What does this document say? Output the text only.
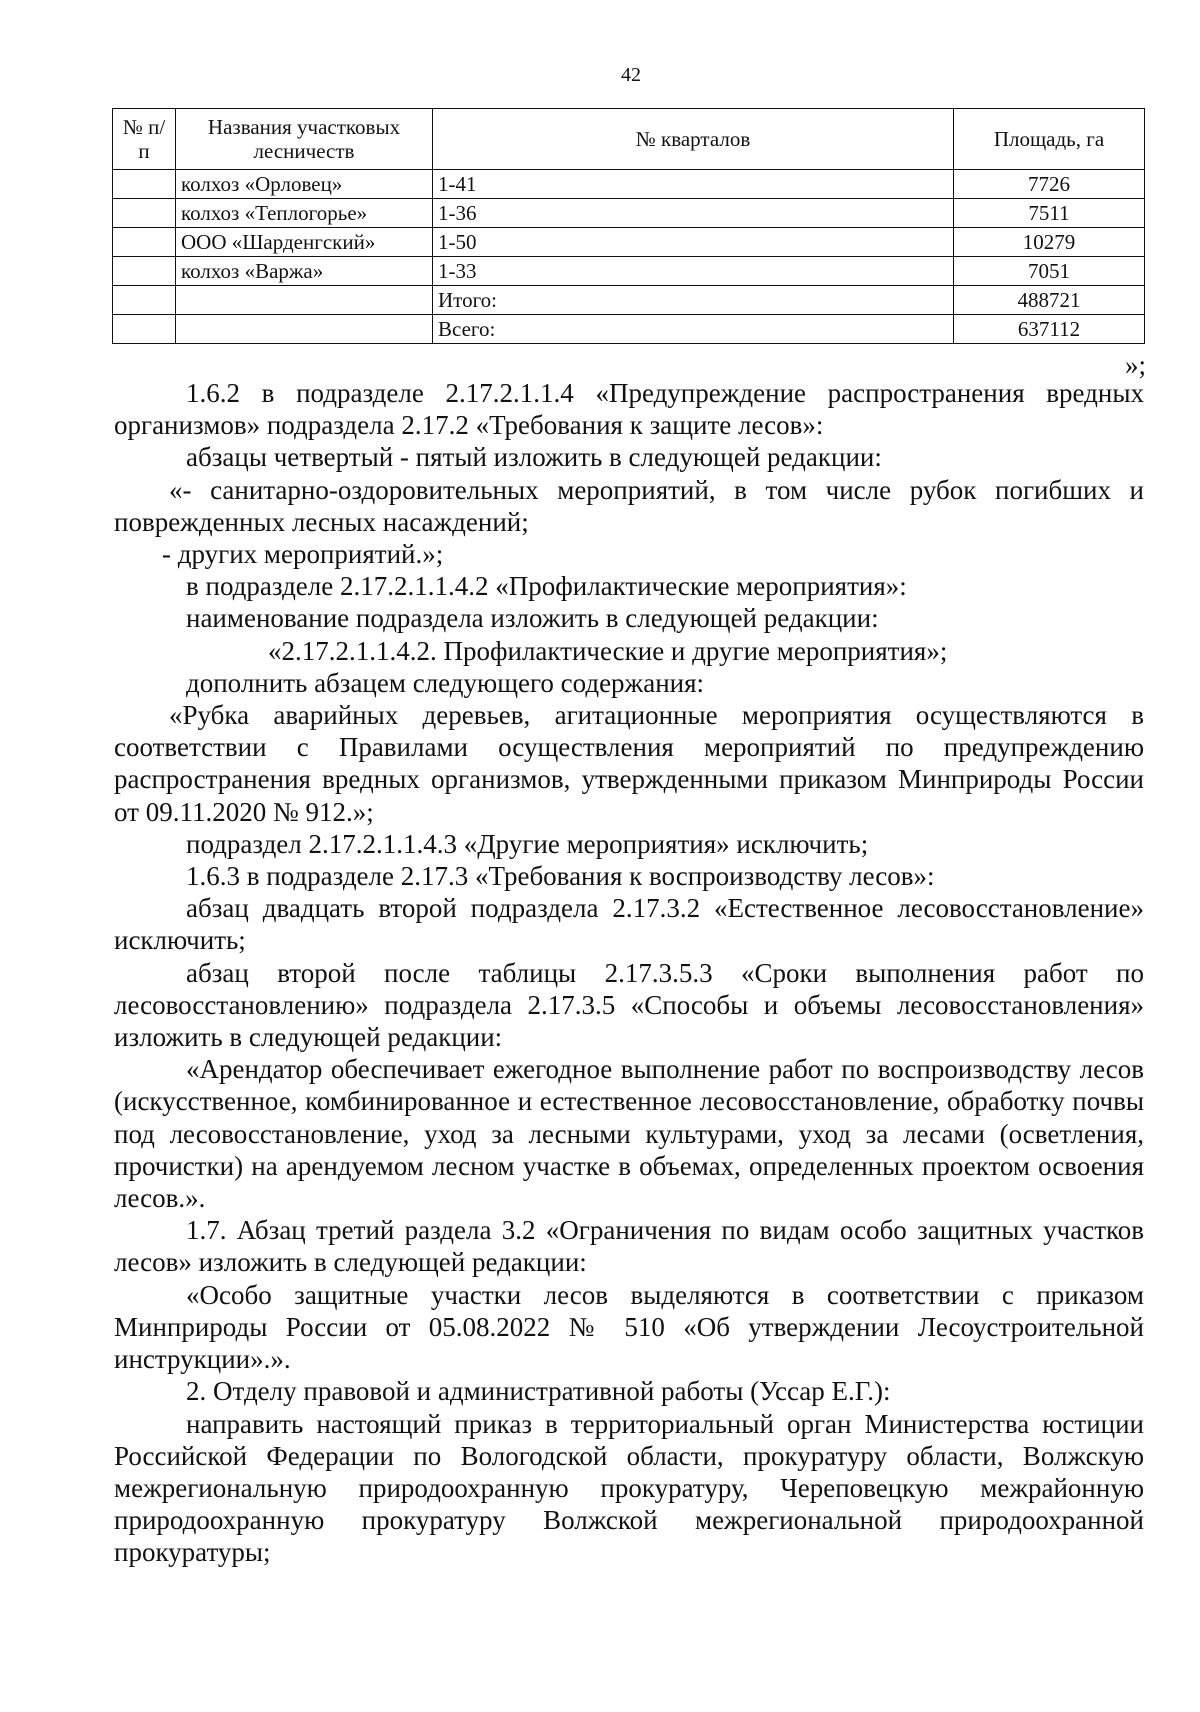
42
№ п/п	Названия участковых лесничеств	№ кварталов	Площадь, га
	колхоз «Орловец»	1-41	7726
	колхоз «Теплогорье»	1-36	7511
	ООО «Шарденгский»	1-50	10279
	колхоз «Варжа»	1-33	7051
		Итого:	488721
		Всего:	637112
»;

1.6.2 в подразделе 2.17.2.1.1.4 «Предупреждение распространения вредных организмов» подраздела 2.17.2 «Требования к защите лесов»:

абзацы четвертый - пятый изложить в следующей редакции:

«- санитарно-оздоровительных мероприятий, в том числе рубок погибших и поврежденных лесных насаждений;

- других мероприятий.»;

в подразделе 2.17.2.1.1.4.2 «Профилактические мероприятия»:

наименование подраздела изложить в следующей редакции:

«2.17.2.1.1.4.2. Профилактические и другие мероприятия»;

дополнить абзацем следующего содержания:

«Рубка аварийных деревьев, агитационные мероприятия осуществляются в соответствии с Правилами осуществления мероприятий по предупреждению распространения вредных организмов, утвержденными приказом Минприроды России от 09.11.2020 № 912.»;

подраздел 2.17.2.1.1.4.3 «Другие мероприятия» исключить;

1.6.3 в подразделе 2.17.3 «Требования к воспроизводству лесов»:

абзац двадцать второй подраздела 2.17.3.2 «Естественное лесовосстановление» исключить;

абзац второй после таблицы 2.17.3.5.3 «Сроки выполнения работ по лесовосстановлению» подраздела 2.17.3.5 «Способы и объемы лесовосстановления» изложить в следующей редакции:

«Арендатор обеспечивает ежегодное выполнение работ по воспроизводству лесов (искусственное, комбинированное и естественное лесовосстановление, обработку почвы под лесовосстановление, уход за лесными культурами, уход за лесами (осветления, прочистки) на арендуемом лесном участке в объемах, определенных проектом освоения лесов.».

1.7. Абзац третий раздела 3.2 «Ограничения по видам особо защитных участков лесов» изложить в следующей редакции:

«Особо защитные участки лесов выделяются в соответствии с приказом Минприроды России от 05.08.2022 № 510 «Об утверждении Лесоустроительной инструкции».».

2. Отделу правовой и административной работы (Уссар Е.Г.):

направить настоящий приказ в территориальный орган Министерства юстиции Российской Федерации по Вологодской области, прокуратуру области, Волжскую межрегиональную природоохранную прокуратуру, Череповецкую межрайонную природоохранную прокуратуру Волжской межрегиональной природоохранной прокуратуры;
